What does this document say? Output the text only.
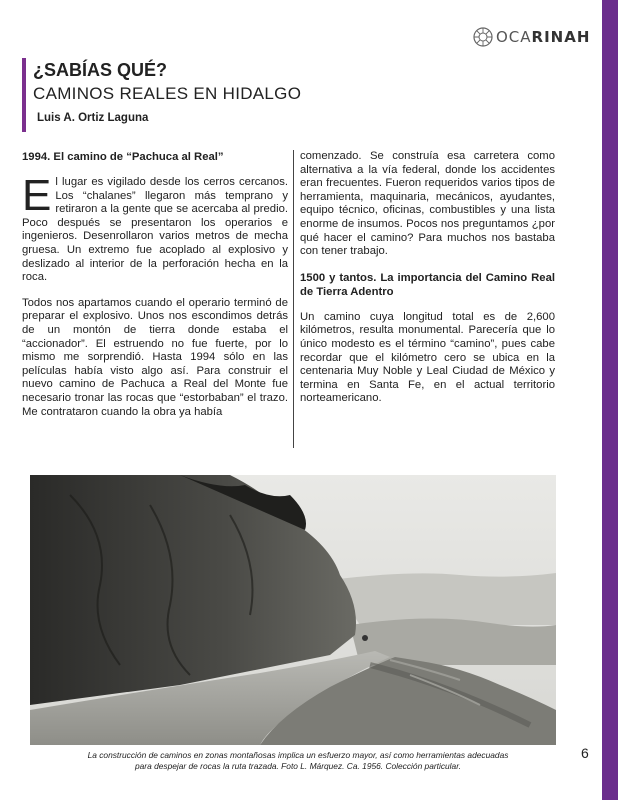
OCARINAH
¿SABÍAS QUÉ?
CAMINOS REALES EN HIDALGO
Luis A. Ortiz Laguna
1994. El camino de “Pachuca al Real”

El lugar es vigilado desde los cerros cercanos. Los “chalanes” llegaron más temprano y retiraron a la gente que se acercaba al predio. Poco después se presentaron los operarios e ingenieros. Desenrollaron varios metros de mecha gruesa. Un extremo fue acoplado al explosivo y deslizado al interior de la perforación hecha en la roca.

Todos nos apartamos cuando el operario terminó de preparar el explosivo. Unos nos escondimos detrás de un montón de tierra donde estaba el “accionador”. El estruendo no fue fuerte, por lo mismo me sorprendió. Hasta 1994 sólo en las películas había visto algo así. Para construir el nuevo camino de Pachuca a Real del Monte fue necesario tronar las rocas que “estorbaban” el trazo. Me contrataron cuando la obra ya había

comenzado. Se construía esa carretera como alternativa a la vía federal, donde los accidentes eran frecuentes. Fueron requeridos varios tipos de herramienta, maquinaria, mecánicos, ayudantes, equipo técnico, oficinas, combustibles y una lista enorme de insumos. Pocos nos preguntamos ¿por qué hacer el camino? Para muchos nos bastaba con tener trabajo.

1500 y tantos. La importancia del Camino Real de Tierra Adentro

Un camino cuya longitud total es de 2,600 kilómetros, resulta monumental. Parecería que lo único modesto es el término “camino”, pues cabe recordar que el kilómetro cero se ubica en la centenaria Muy Noble y Leal Ciudad de México y termina en Santa Fe, en el actual territorio norteamericano.

La construcción de caminos en zonas montañosas implica un esfuerzo mayor, así como herramientas adecuadas
para despejar de rocas la ruta trazada. Foto L. Márquez. Ca. 1956. Colección particular.
6
